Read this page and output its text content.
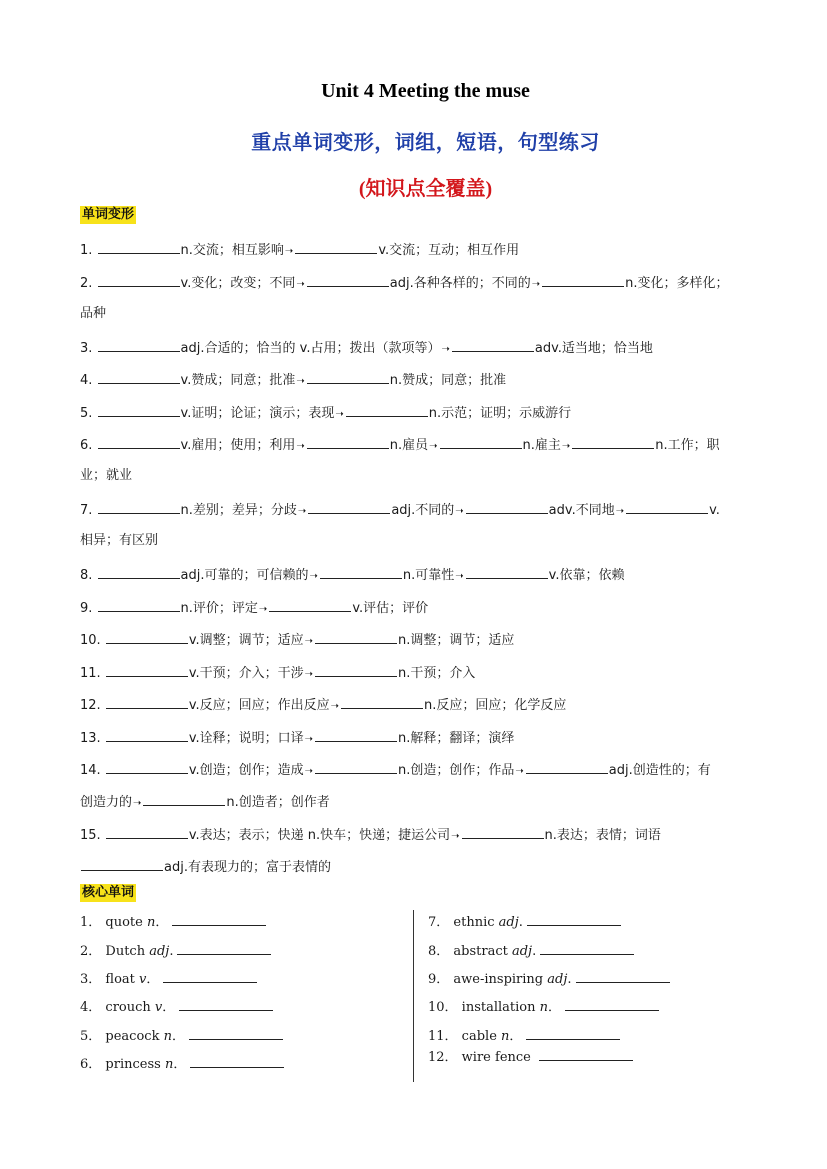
Unit 4 Meeting the muse
重点单词变形，词组，短语，句型练习
(知识点全覆盖)
单词变形
1.	n.交流；相互影响➝	v.交流；互动；相互作用
2.	v.变化；改变；不同➝	adj.各种各样的；不同的➝	n.变化；多样化；
品种
3.	adj.合适的；恰当的 v.占用；拨出（款项等）➝	adv.适当地；恰当地
4.	v.赞成；同意；批准➝	n.赞成；同意；批准
5.	v.证明；论证；演示；表现➝	n.示范；证明；示威游行
6.	v.雇用；使用；利用➝	n.雇员➝	n.雇主➝	n.工作；职
业；就业
7.	n.差别；差异；分歧➝	adj.不同的➝	adv.不同地➝	v.
相异；有区别
8.	adj.可靠的；可信赖的➝	n.可靠性➝	v.依靠；依赖
9.	n.评价；评定➝	v.评估；评价
10.	v.调整；调节；适应➝	n.调整；调节；适应
11.	v.干预；介入；干涉➝	n.干预；介入
12.	v.反应；回应；作出反应➝	n.反应；回应；化学反应
13.	v.诠释；说明；口译➝	n.解释；翻译；演绎
14.	v.创造；创作；造成➝	n.创造；创作；作品➝	adj.创造性的；有
创造力的➝	n.创造者；创作者
15.	v.表达；表示；快递 n.快车；快递；捷运公司➝	n.表达；表情；词语
adj.有表现力的；富于表情的
核心单词
1． quote n．
2． Dutch adj.
3． float v．
4． crouch v．
5． peacock n．
6． princess n．
7． ethnic adj.
8． abstract adj.
9． awe-inspiring adj.
10． installation n．
11． cable n．
12． wire fence
